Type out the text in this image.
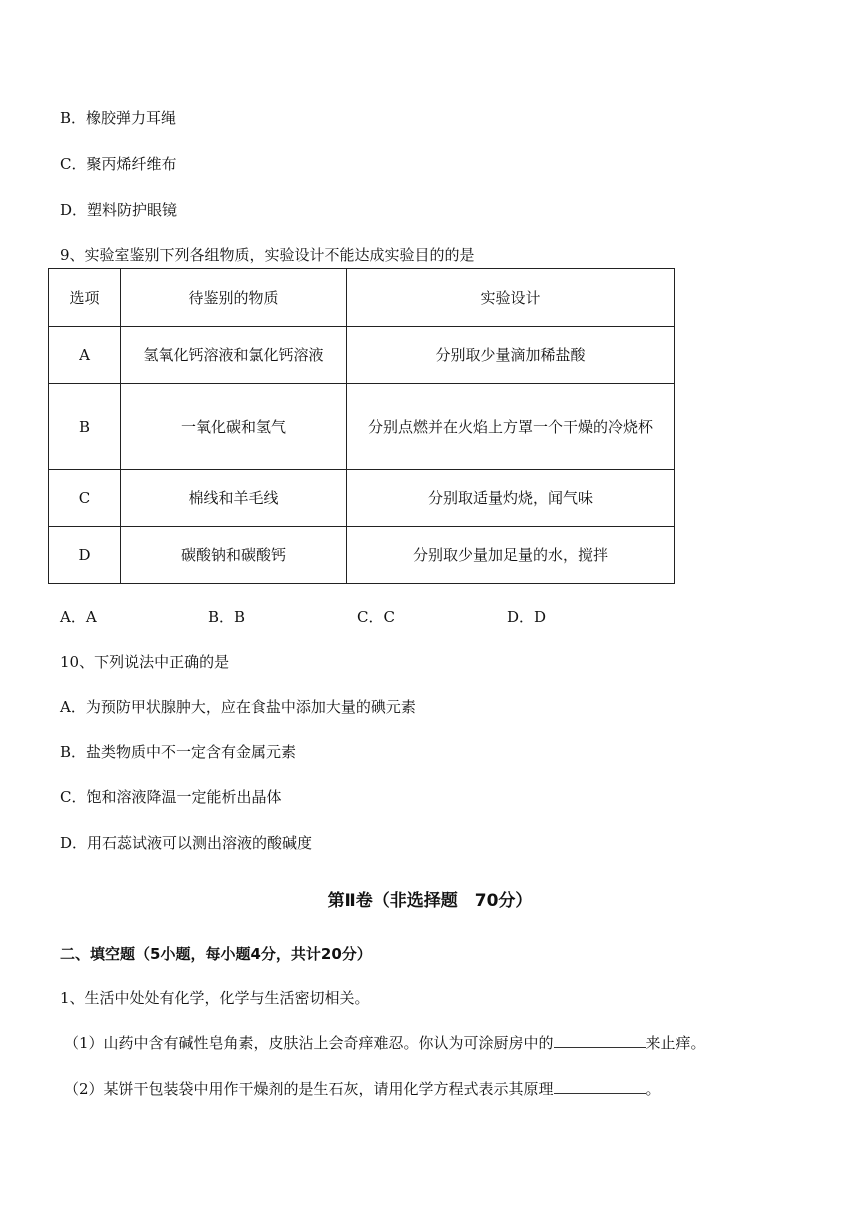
B．橡胶弹力耳绳
C．聚丙烯纤维布
D．塑料防护眼镜
9、实验室鉴别下列各组物质，实验设计不能达成实验目的的是
选项	待鉴别的物质	实验设计
A	氢氧化钙溶液和氯化钙溶液	分别取少量滴加稀盐酸
B	一氧化碳和氢气	分别点燃并在火焰上方罩一个干燥的冷烧杯
C	棉线和羊毛线	分别取适量灼烧，闻气味
D	碳酸钠和碳酸钙	分别取少量加足量的水，搅拌
A．A	B．B	C．C	D．D
10、下列说法中正确的是
A．为预防甲状腺肿大，应在食盐中添加大量的碘元素
B．盐类物质中不一定含有金属元素
C．饱和溶液降温一定能析出晶体
D．用石蕊试液可以测出溶液的酸碱度
第Ⅱ卷（非选择题　70分）
二、填空题（5小题，每小题4分，共计20分）
1、生活中处处有化学，化学与生活密切相关。
（1）山药中含有碱性皂角素，皮肤沾上会奇痒难忍。你认为可涂厨房中的	来止痒。
（2）某饼干包装袋中用作干燥剂的是生石灰，请用化学方程式表示其原理	。
